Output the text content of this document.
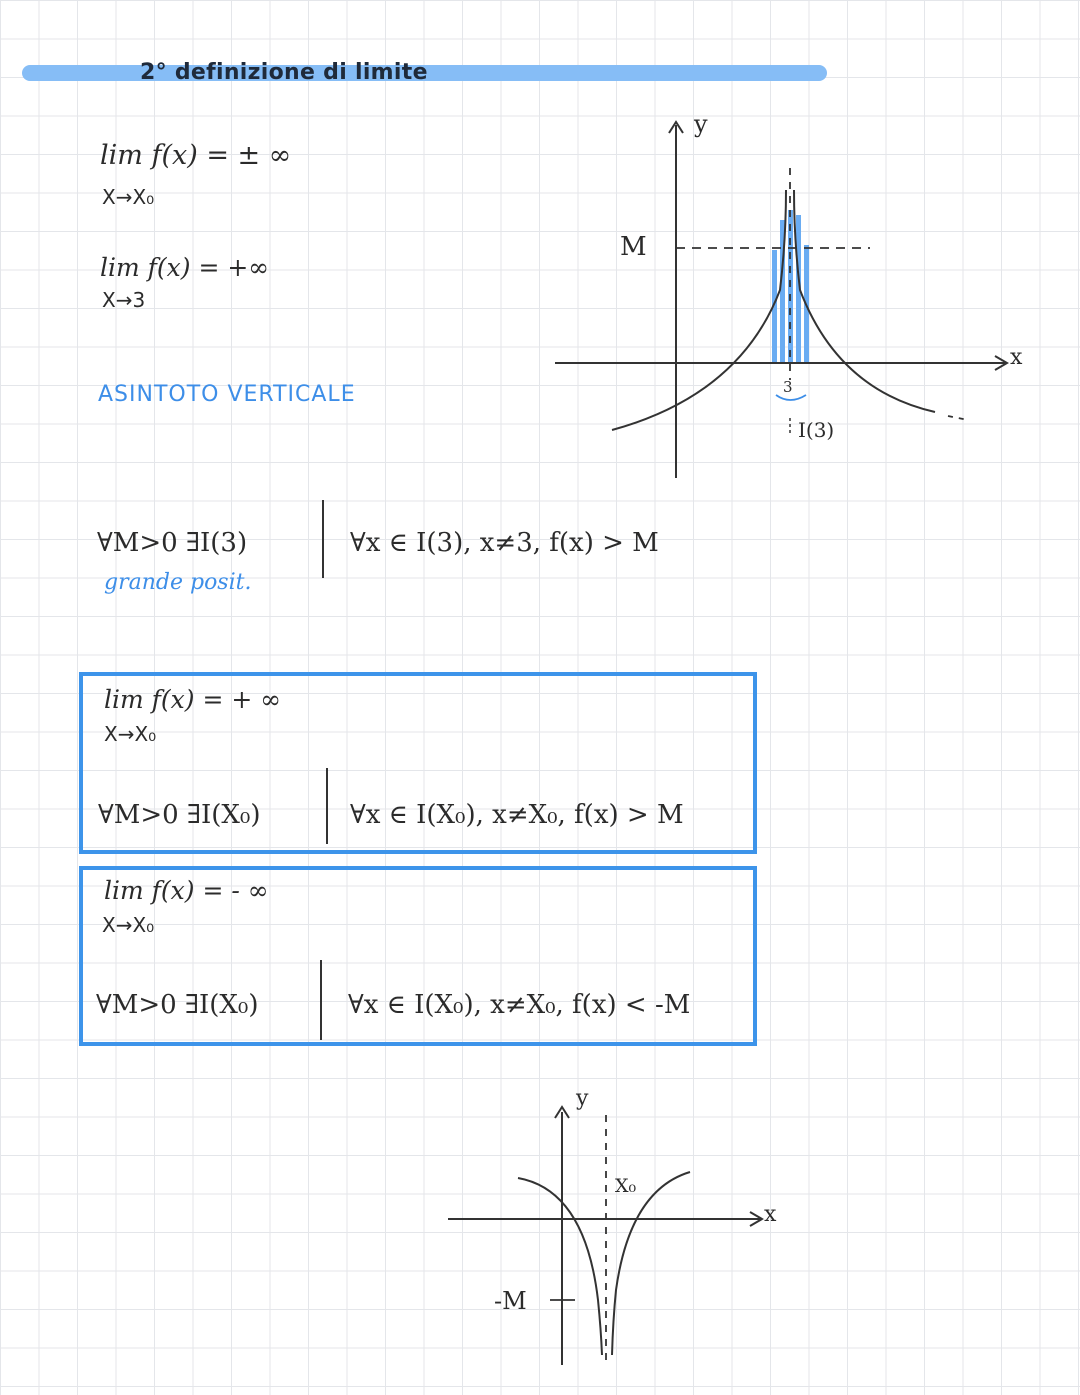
2° definizione di limite
lim f(x) = ± ∞
X→X₀
lim f(x) = +∞
X→3
ASINTOTO VERTICALE
∀M>0 ∃I(3)	∀x ∈ I(3), x≠3, f(x) > M
grande posit.
lim f(x) = + ∞
X→X₀
∀M>0 ∃I(X₀)	∀x ∈ I(X₀), x≠X₀, f(x) > M
lim f(x) = - ∞
X→X₀
∀M>0 ∃I(X₀)	∀x ∈ I(X₀), x≠X₀, f(x) < -M
y
x
M
3
I(3)
y
x
-M
X₀
